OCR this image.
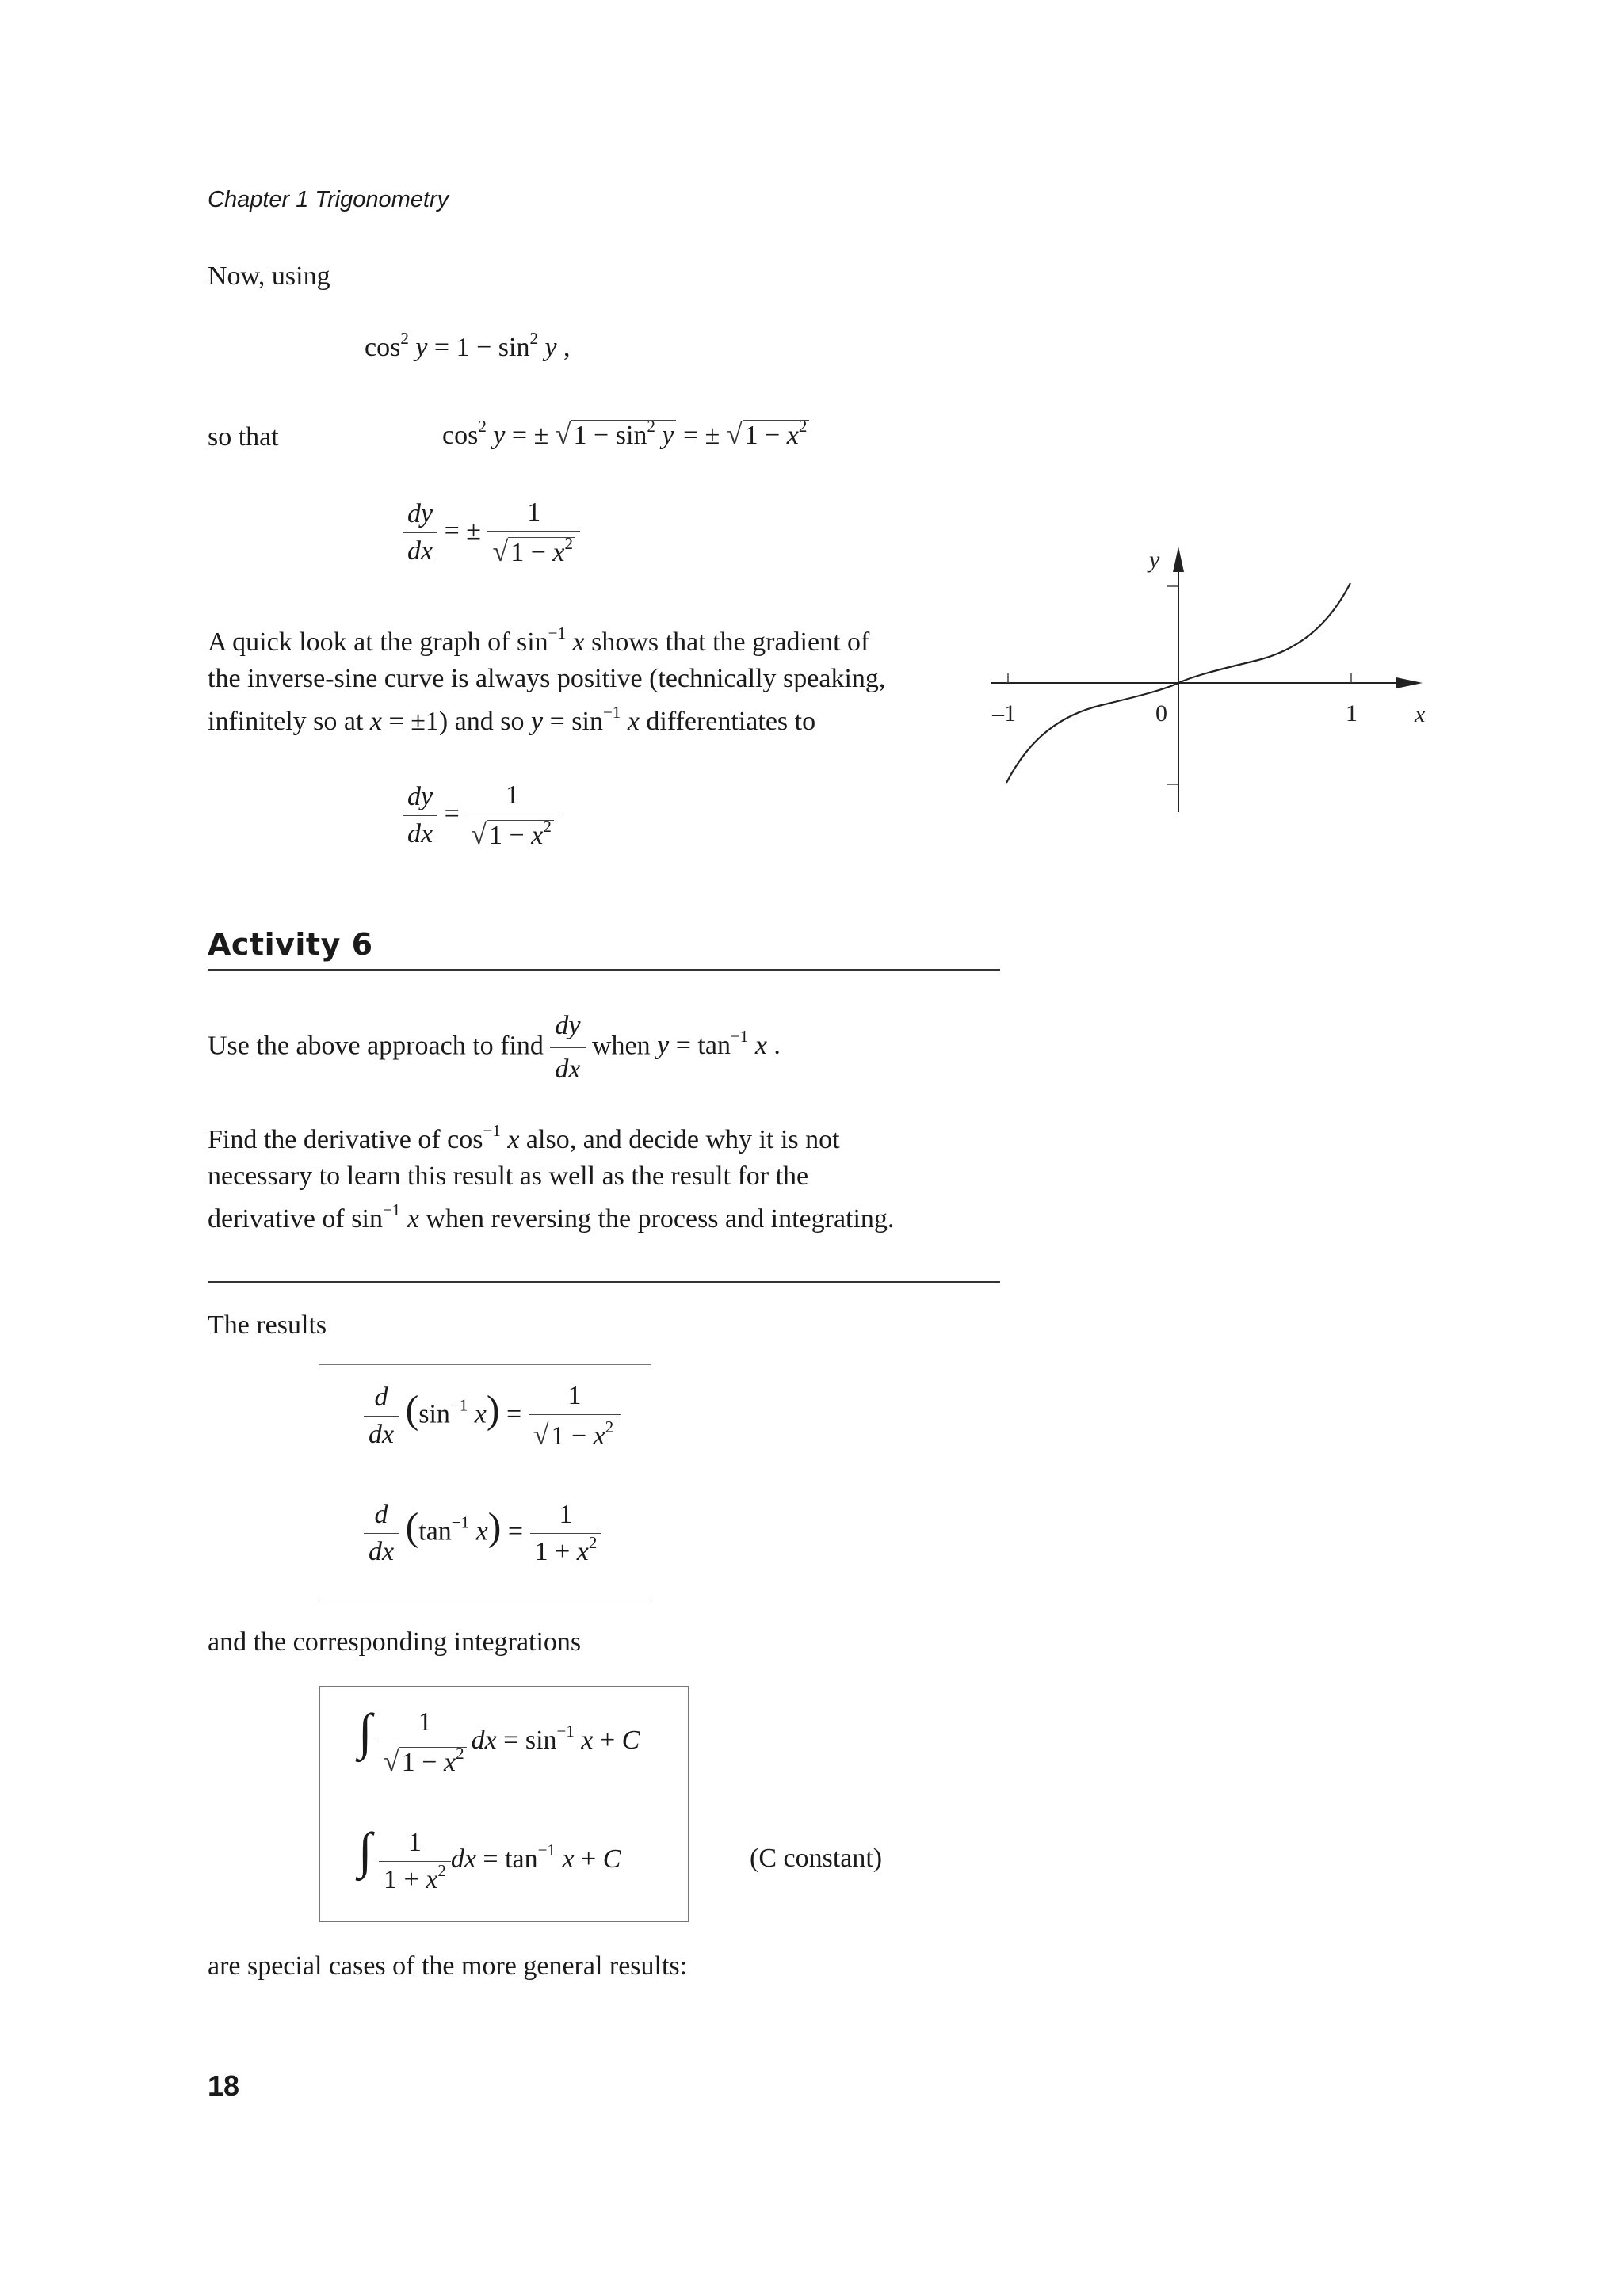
Chapter 1 Trigonometry
Now, using
$\cos^2 y = 1 - \sin^2 y$ ,
so that	$\cos^2 y$ = ± $√1 - \sin^2 y$ = ± $√1 - x^2$
$\frac{dy}{dx}$ = ± $\frac{1}{√1 - x^2}$
A quick look at the graph of $\sin^{-1} x$ shows that the gradient of
the inverse-sine curve is always positive (technically speaking,
infinitely so at x = ±1) and so $y = \sin^{-1} x$ differentiates to
$\frac{dy}{dx} = \frac{1}{√1 - x^2}$
y
x
–1	0	1
Activity 6
Use the above approach to find $\frac{dy}{dx}$ when $y = \tan^{-1} x$ .
Find the derivative of $\cos^{-1} x$ also, and decide why it is not
necessary to learn this result as well as the result for the
derivative of $\sin^{-1} x$ when reversing the process and integrating.
The results
$\frac{d}{dx} (\sin^{-1}$ $x) = \frac{1}{√1 - x^2}$
$\frac{d}{dx} (\tan^{-1}$ $x) = \frac{1}{1 + x^2}$
and the corresponding integrations
∫ $\frac{1}{√1 - x^2}$ dx = $\sin^{-1} x + C$
∫ $\frac{1}{1 + x^2}$ dx = $\tan^{-1} x + C$	(C constant)
are special cases of the more general results:
18
